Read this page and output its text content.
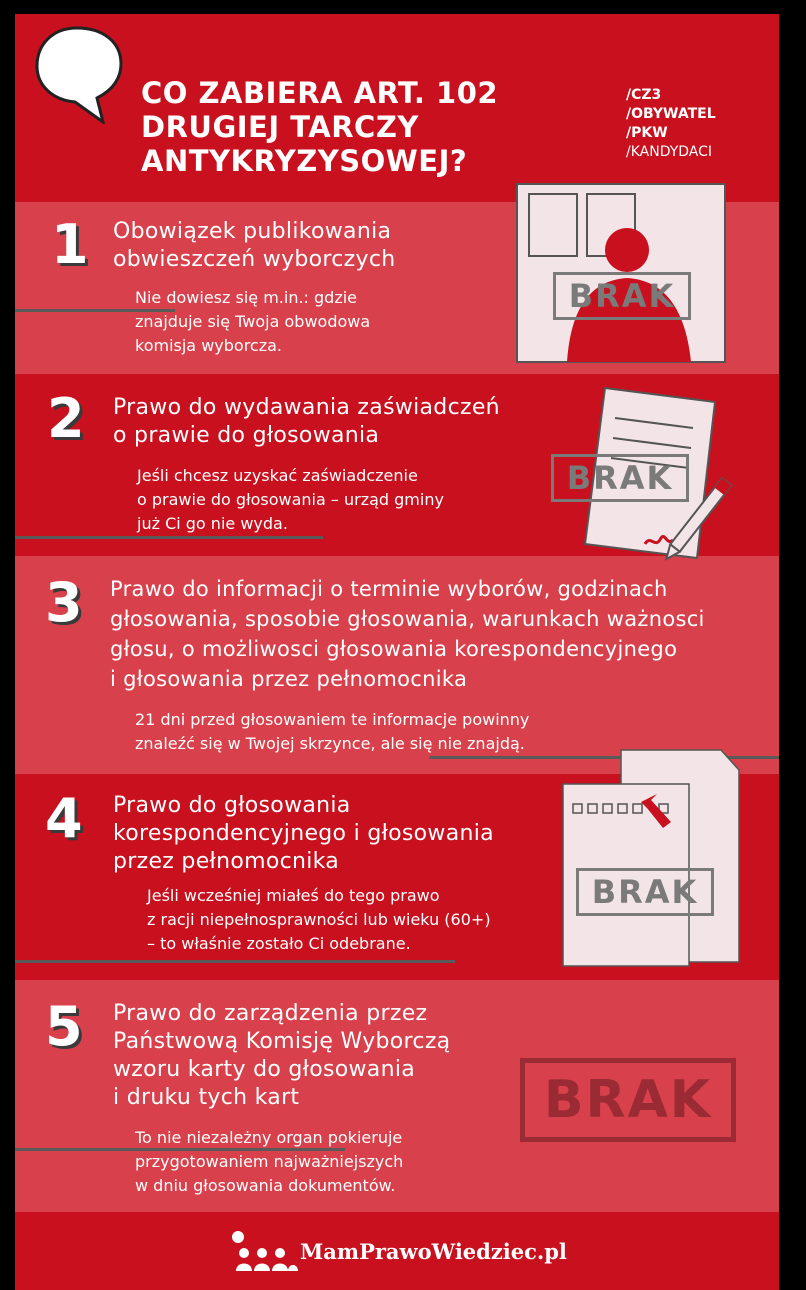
CO ZABIERA ART. 102
DRUGIEJ TARCZY
ANTYKRYZYSOWEJ?
/CZ3
/OBYWATEL
/PKW
/KANDYDACI
1 Obowiązek publikowania
obwieszczeń wyborczych
Nie dowiesz się m.in.: gdzie
znajduje się Twoja obwodowa
komisja wyborcza.
BRAK
2 Prawo do wydawania zaświadczeń
o prawie do głosowania
Jeśli chcesz uzyskać zaświadczenie
o prawie do głosowania – urząd gminy
już Ci go nie wyda.
BRAK
3 Prawo do informacji o terminie wyborów, godzinach
głosowania, sposobie głosowania, warunkach ważnosci
głosu, o możliwosci głosowania korespondencyjnego
i głosowania przez pełnomocnika
21 dni przed głosowaniem te informacje powinny
znaleźć się w Twojej skrzynce, ale się nie znajdą.
4 Prawo do głosowania
korespondencyjnego i głosowania
przez pełnomocnika
Jeśli wcześniej miałeś do tego prawo
z racji niepełnosprawności lub wieku (60+)
– to właśnie zostało Ci odebrane.
BRAK
5 Prawo do zarządzenia przez
Państwową Komisję Wyborczą
wzoru karty do głosowania
i druku tych kart
To nie niezależny organ pokieruje
przygotowaniem najważniejszych
w dniu głosowania dokumentów.
BRAK
MamPrawoWiedziec.pl
